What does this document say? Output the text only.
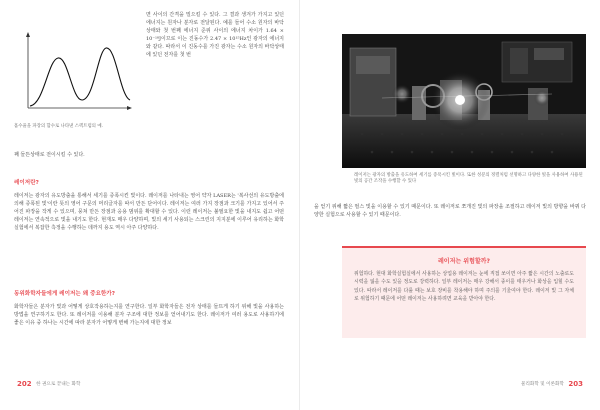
흡수율을 파장의 함수로 나타낸 스펙트럼의 예.
면 사이의 간격을 밀으킬 수 있다. 그 결과 생겨가 가지고 있던 에너지는 원자나 분자로 전달된다. 예를 들어 수소 원자의 바닥상태와 첫 번째 에너지 준위 사이의 에너지 차이가 1.64 × 10⁻¹⁸J이므로 이는 진동수가 2.47 × 10¹⁵Hz인 광자의 에너지와 같다. 따라서 이 진동수를 가진 광자는 수소 원자의 바닥상태에 있던 전자를 첫 번
째 들뜬상태로 전이시킬 수 있다.
레이저란?
레이저는 광자의 유도방출을 통해서 세기를 증폭시킨 빛이다. 레이저를 나타내는 영어 약자 LASER는 '복사선의 유도방출에 의해 증폭된 빛'이란 뜻의 영어 구문의 머리글자를 따서 만든 단어이다. 레이저는 여러 가지 장점과 크기를 가지고 있어서 주어진 파장을 작게 수 있으며, 뭉쳐 만든 장점과 응용 범위를 확대할 수 있다. 이런 레이저는 불필요한 빛을 내지도 쉽고 어떤 레이저는 연속적으로 빛을 내기도 한다. 현재도 매우 다양하며, 빛의 세기 사용되는 스크린의 지지분에 이루어 유리하는 화학실험에서 복잡한 측정을 수행하는 데까지 용도 역시 아주 다양하다.
동위화학자들에게 레이저는 왜 중요한가?
화학자들은 분자가 빛과 어떻게 상호작용하는지를 연구한다. 일부 화학자들은 전자 상태를 들뜨게 하기 위해 빛을 사용하는 방법을 연구하기도 한다. 또 레이저를 이용해 분자 구조에 대한 정보를 얻어내기도 한다. 레이저가 여러 용도로 사용하기에 좋은 이유 중 하나는 시간에 따라 분자가 어떻게 변해 가는지에 대한 정보
202 한 권으로 끝내는 화학
레이저는 광자의 방출을 유도하여 세기를 증폭시킨 빛이다. 또한 성분의 정렬처럼 선명하고 다양한 빛을 사용하여 사용된 빛의 공간 조작을 수행할 수 있다
을 얻기 위해 짧은 펄스 빛을 이용할 수 있기 때문이다. 또 레이저로 쪼개진 빛의 파장을 조절하고 레이저 빛의 방향을 바꿔 다양한 실험으로 사용할 수 있기 때문이다.
레이저는 위험할까?
위험하다. 현대 화학실험실에서 사용하는 상업용 레이저는 눈에 직접 쏘이면 아주 짧은 시간의 노출로도 시력을 잃을 수도 있을 정도로 강력하다. 일부 레이저는 매우 강해서 종이를 태우거나 화상을 입힐 수도 있다. 따라서 레이저를 다룰 때는 보호 장비를 착용해야 하며 주의를 기울여야 한다. 레이저 빛 그 자체로 위험하기 때문에 어떤 레이저는 사용하려면 교육을 받아야 한다.
물리화학 및 이론화학 203
